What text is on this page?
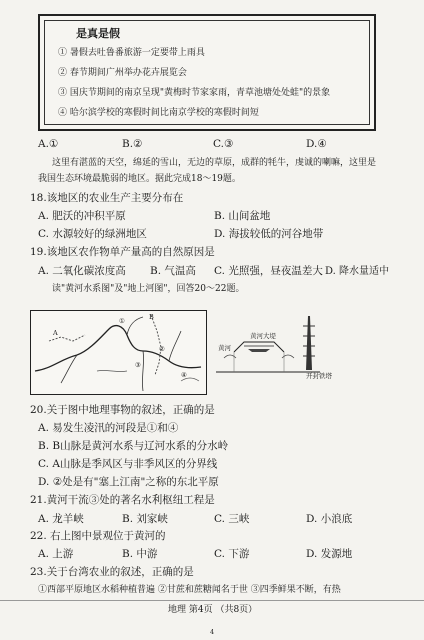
是真是假
① 暑假去吐鲁番旅游一定要带上雨具
② 春节期间广州举办花卉展览会
③ 国庆节期间的南京呈现"黄梅时节家家雨，青草池塘处处蛙"的景象
④ 哈尔滨学校的寒假时间比南京学校的寒假时间短
A.①	B.②	C.③	D.④
这里有湛蓝的天空，绵延的雪山，无边的草原，成群的牦牛，虔诚的喇嘛，这里是
我国生态环境最脆弱的地区。据此完成18～19题。
18.该地区的农业生产主要分布在
A. 肥沃的冲积平原	B. 山间盆地
C. 水源较好的绿洲地区	D. 海拔较低的河谷地带
19.该地区农作物单产量高的自然原因是
A. 二氧化碳浓度高 B. 气温高 C. 光照强，昼夜温差大 D. 降水量适中
读"黄河水系图"及"地上河图"，回答20～22题。
①
②
③
④
A
B
黄河
黄河大堤
开封铁塔
20.关于图中地理事物的叙述，正确的是
A. 易发生凌汛的河段是①和④
B. B山脉是黄河水系与辽河水系的分水岭
C. A山脉是季风区与非季风区的分界线
D. ②处是有"塞上江南"之称的东北平原
21.黄河干流③处的著名水利枢纽工程是
A. 龙羊峡	B. 刘家峡	C. 三峡	D. 小浪底
22. 右上图中景观位于黄河的
A. 上游	B. 中游	C. 下游	D. 发源地
23.关于台湾农业的叙述，正确的是
①西部平原地区水稻种植普遍 ②甘蔗和蔗糖闻名于世 ③四季鲜果不断，有热
地理 第4页 （共8页）
4
